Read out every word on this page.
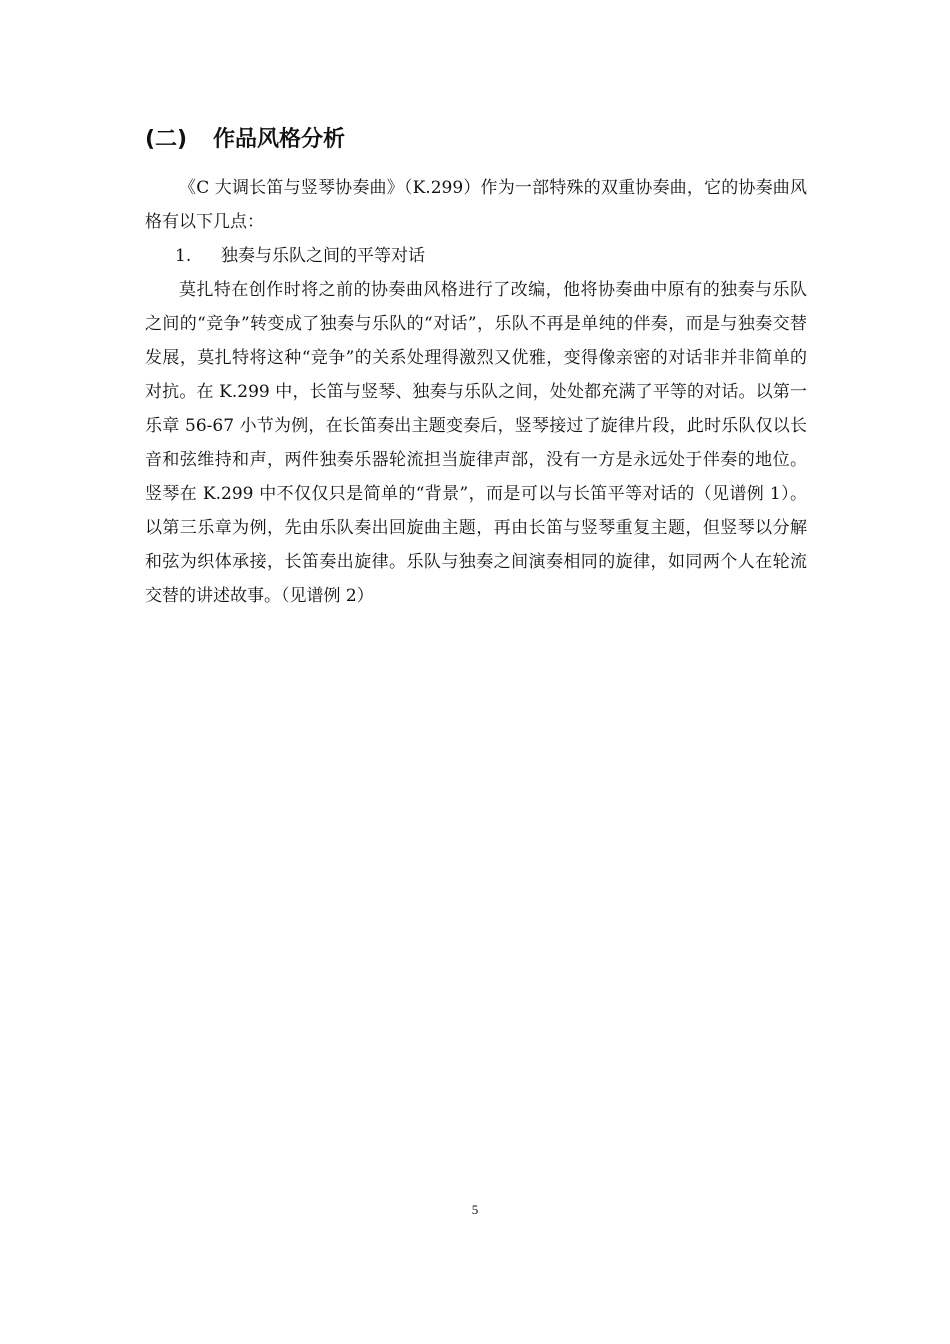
(二) 作品风格分析

《C 大调长笛与竖琴协奏曲》（K.299）作为一部特殊的双重协奏曲，它的协奏曲风格有以下几点：

1. 独奏与乐队之间的平等对话

莫扎特在创作时将之前的协奏曲风格进行了改编，他将协奏曲中原有的独奏与乐队之间的“竞争”转变成了独奏与乐队的“对话”，乐队不再是单纯的伴奏，而是与独奏交替发展，莫扎特将这种“竞争”的关系处理得激烈又优雅，变得像亲密的对话非并非简单的对抗。在 K.299 中，长笛与竖琴、独奏与乐队之间，处处都充满了平等的对话。以第一乐章 56-67 小节为例，在长笛奏出主题变奏后，竖琴接过了旋律片段，此时乐队仅以长音和弦维持和声，两件独奏乐器轮流担当旋律声部，没有一方是永远处于伴奏的地位。竖琴在 K.299 中不仅仅只是简单的“背景”，而是可以与长笛平等对话的（见谱例 1）。以第三乐章为例，先由乐队奏出回旋曲主题，再由长笛与竖琴重复主题，但竖琴以分解和弦为织体承接，长笛奏出旋律。乐队与独奏之间演奏相同的旋律，如同两个人在轮流交替的讲述故事。（见谱例 2）

5
